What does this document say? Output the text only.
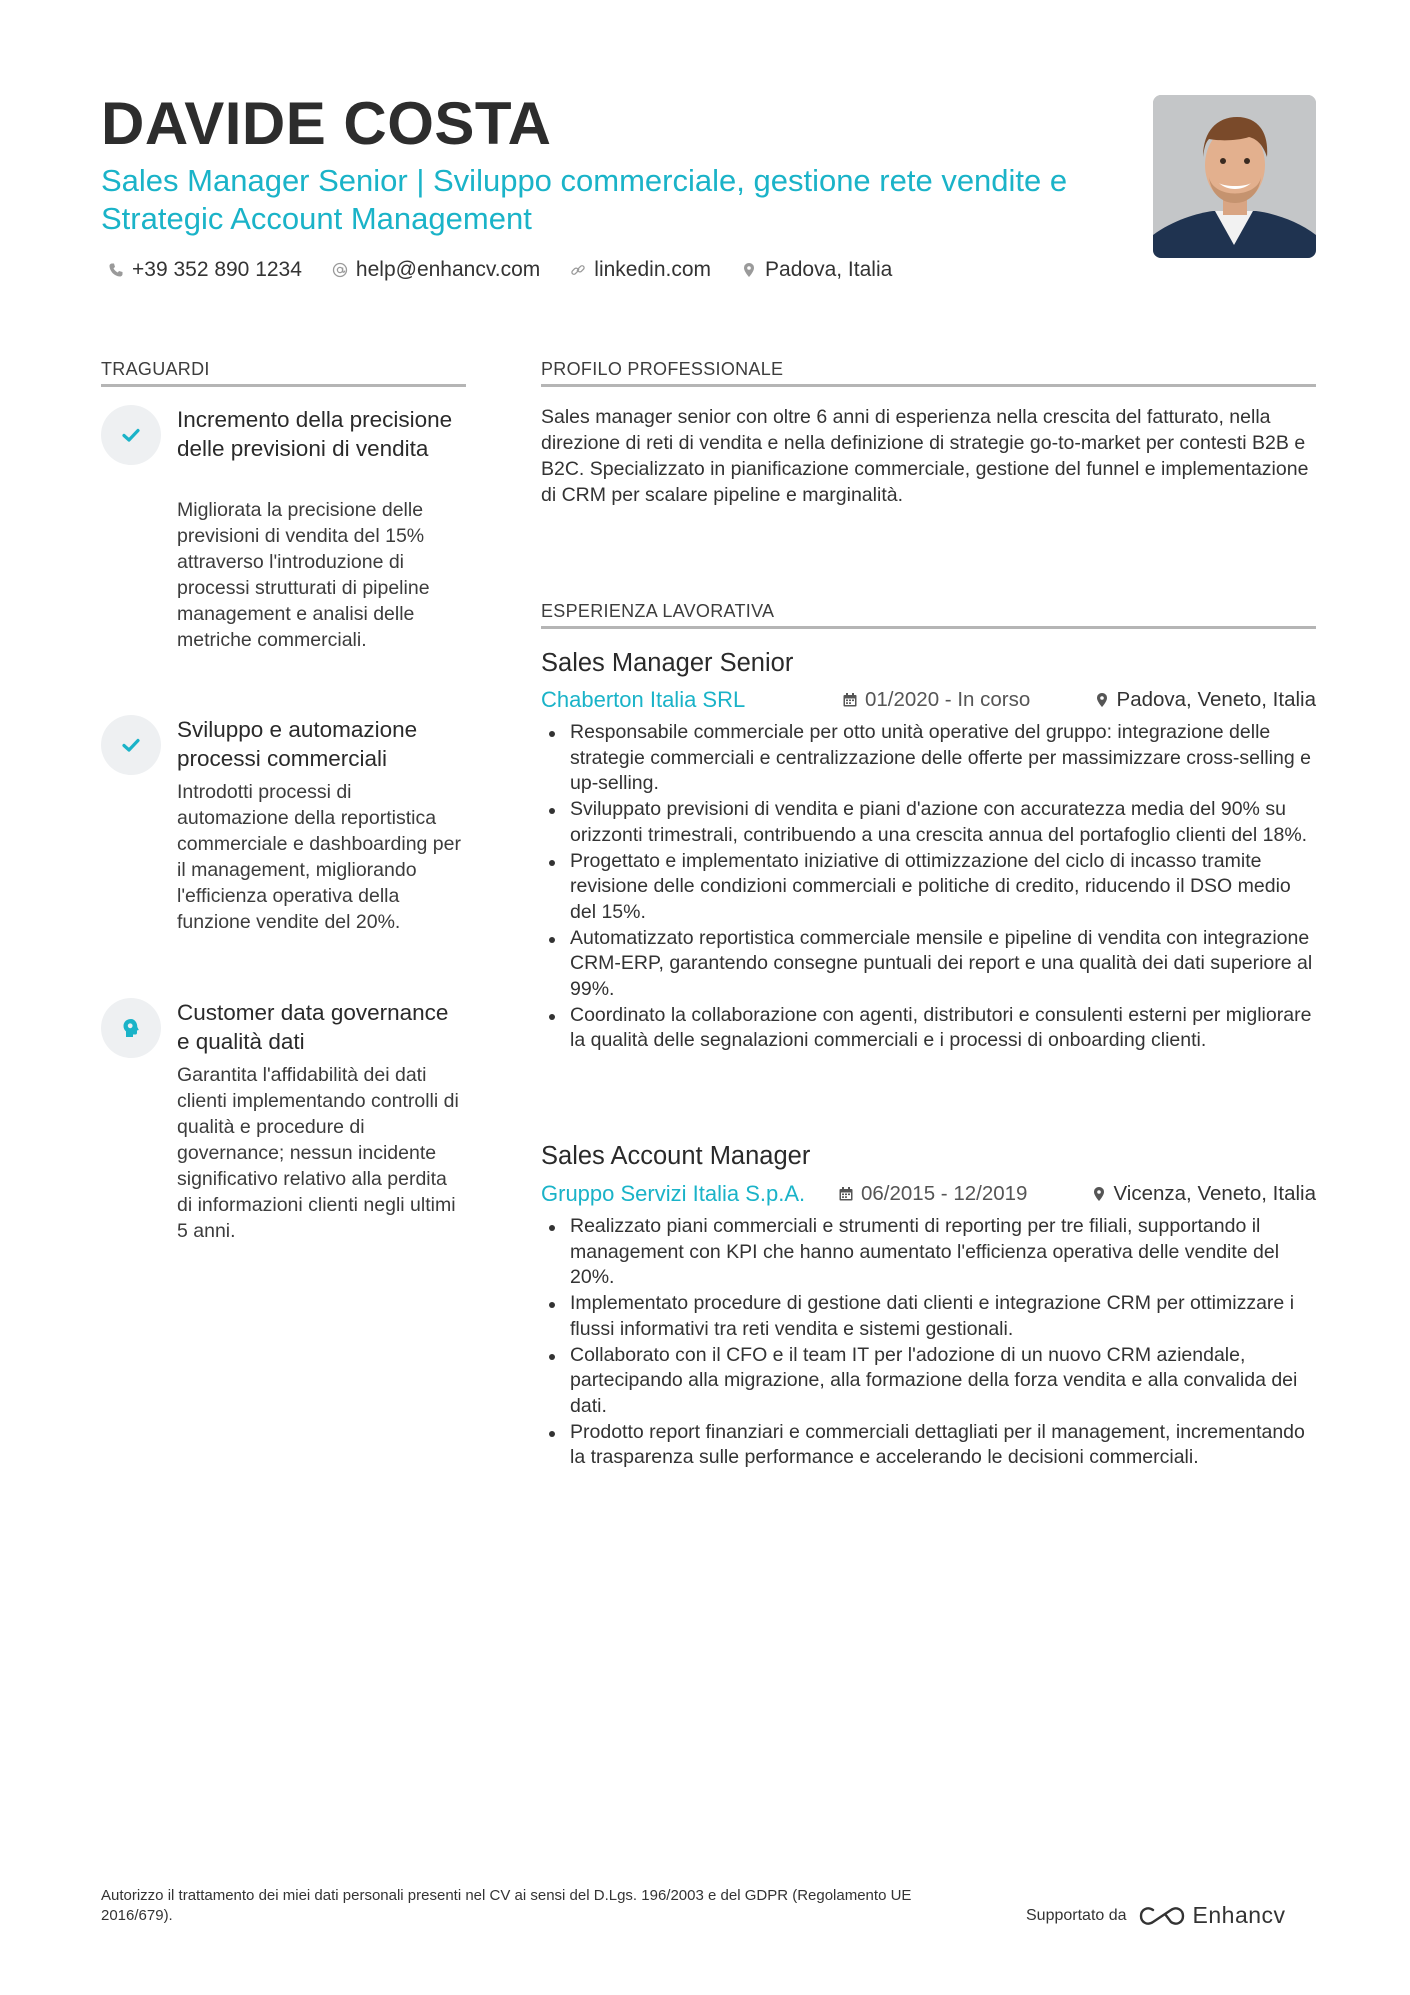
DAVIDE COSTA
Sales Manager Senior | Sviluppo commerciale, gestione rete vendite e Strategic Account Management
+39 352 890 1234	help@enhancv.com	linkedin.com	Padova, Italia
TRAGUARDI
Incremento della precisione delle previsioni di vendita
Migliorata la precisione delle previsioni di vendita del 15% attraverso l'introduzione di processi strutturati di pipeline management e analisi delle metriche commerciali.
Sviluppo e automazione processi commerciali
Introdotti processi di automazione della reportistica commerciale e dashboarding per il management, migliorando l'efficienza operativa della funzione vendite del 20%.
Customer data governance e qualità dati
Garantita l'affidabilità dei dati clienti implementando controlli di qualità e procedure di governance; nessun incidente significativo relativo alla perdita di informazioni clienti negli ultimi 5 anni.
PROFILO PROFESSIONALE
Sales manager senior con oltre 6 anni di esperienza nella crescita del fatturato, nella direzione di reti di vendita e nella definizione di strategie go-to-market per contesti B2B e B2C. Specializzato in pianificazione commerciale, gestione del funnel e implementazione di CRM per scalare pipeline e marginalità.
ESPERIENZA LAVORATIVA
Sales Manager Senior
Chaberton Italia SRL	01/2020 - In corso	Padova, Veneto, Italia
Responsabile commerciale per otto unità operative del gruppo: integrazione delle strategie commerciali e centralizzazione delle offerte per massimizzare cross-selling e up-selling.
Sviluppato previsioni di vendita e piani d'azione con accuratezza media del 90% su orizzonti trimestrali, contribuendo a una crescita annua del portafoglio clienti del 18%.
Progettato e implementato iniziative di ottimizzazione del ciclo di incasso tramite revisione delle condizioni commerciali e politiche di credito, riducendo il DSO medio del 15%.
Automatizzato reportistica commerciale mensile e pipeline di vendita con integrazione CRM-ERP, garantendo consegne puntuali dei report e una qualità dei dati superiore al 99%.
Coordinato la collaborazione con agenti, distributori e consulenti esterni per migliorare la qualità delle segnalazioni commerciali e i processi di onboarding clienti.
Sales Account Manager
Gruppo Servizi Italia S.p.A.	06/2015 - 12/2019	Vicenza, Veneto, Italia
Realizzato piani commerciali e strumenti di reporting per tre filiali, supportando il management con KPI che hanno aumentato l'efficienza operativa delle vendite del 20%.
Implementato procedure di gestione dati clienti e integrazione CRM per ottimizzare i flussi informativi tra reti vendita e sistemi gestionali.
Collaborato con il CFO e il team IT per l'adozione di un nuovo CRM aziendale, partecipando alla migrazione, alla formazione della forza vendita e alla convalida dei dati.
Prodotto report finanziari e commerciali dettagliati per il management, incrementando la trasparenza sulle performance e accelerando le decisioni commerciali.
Autorizzo il trattamento dei miei dati personali presenti nel CV ai sensi del D.Lgs. 196/2003 e del GDPR (Regolamento UE 2016/679).	Supportato da	Enhancv
